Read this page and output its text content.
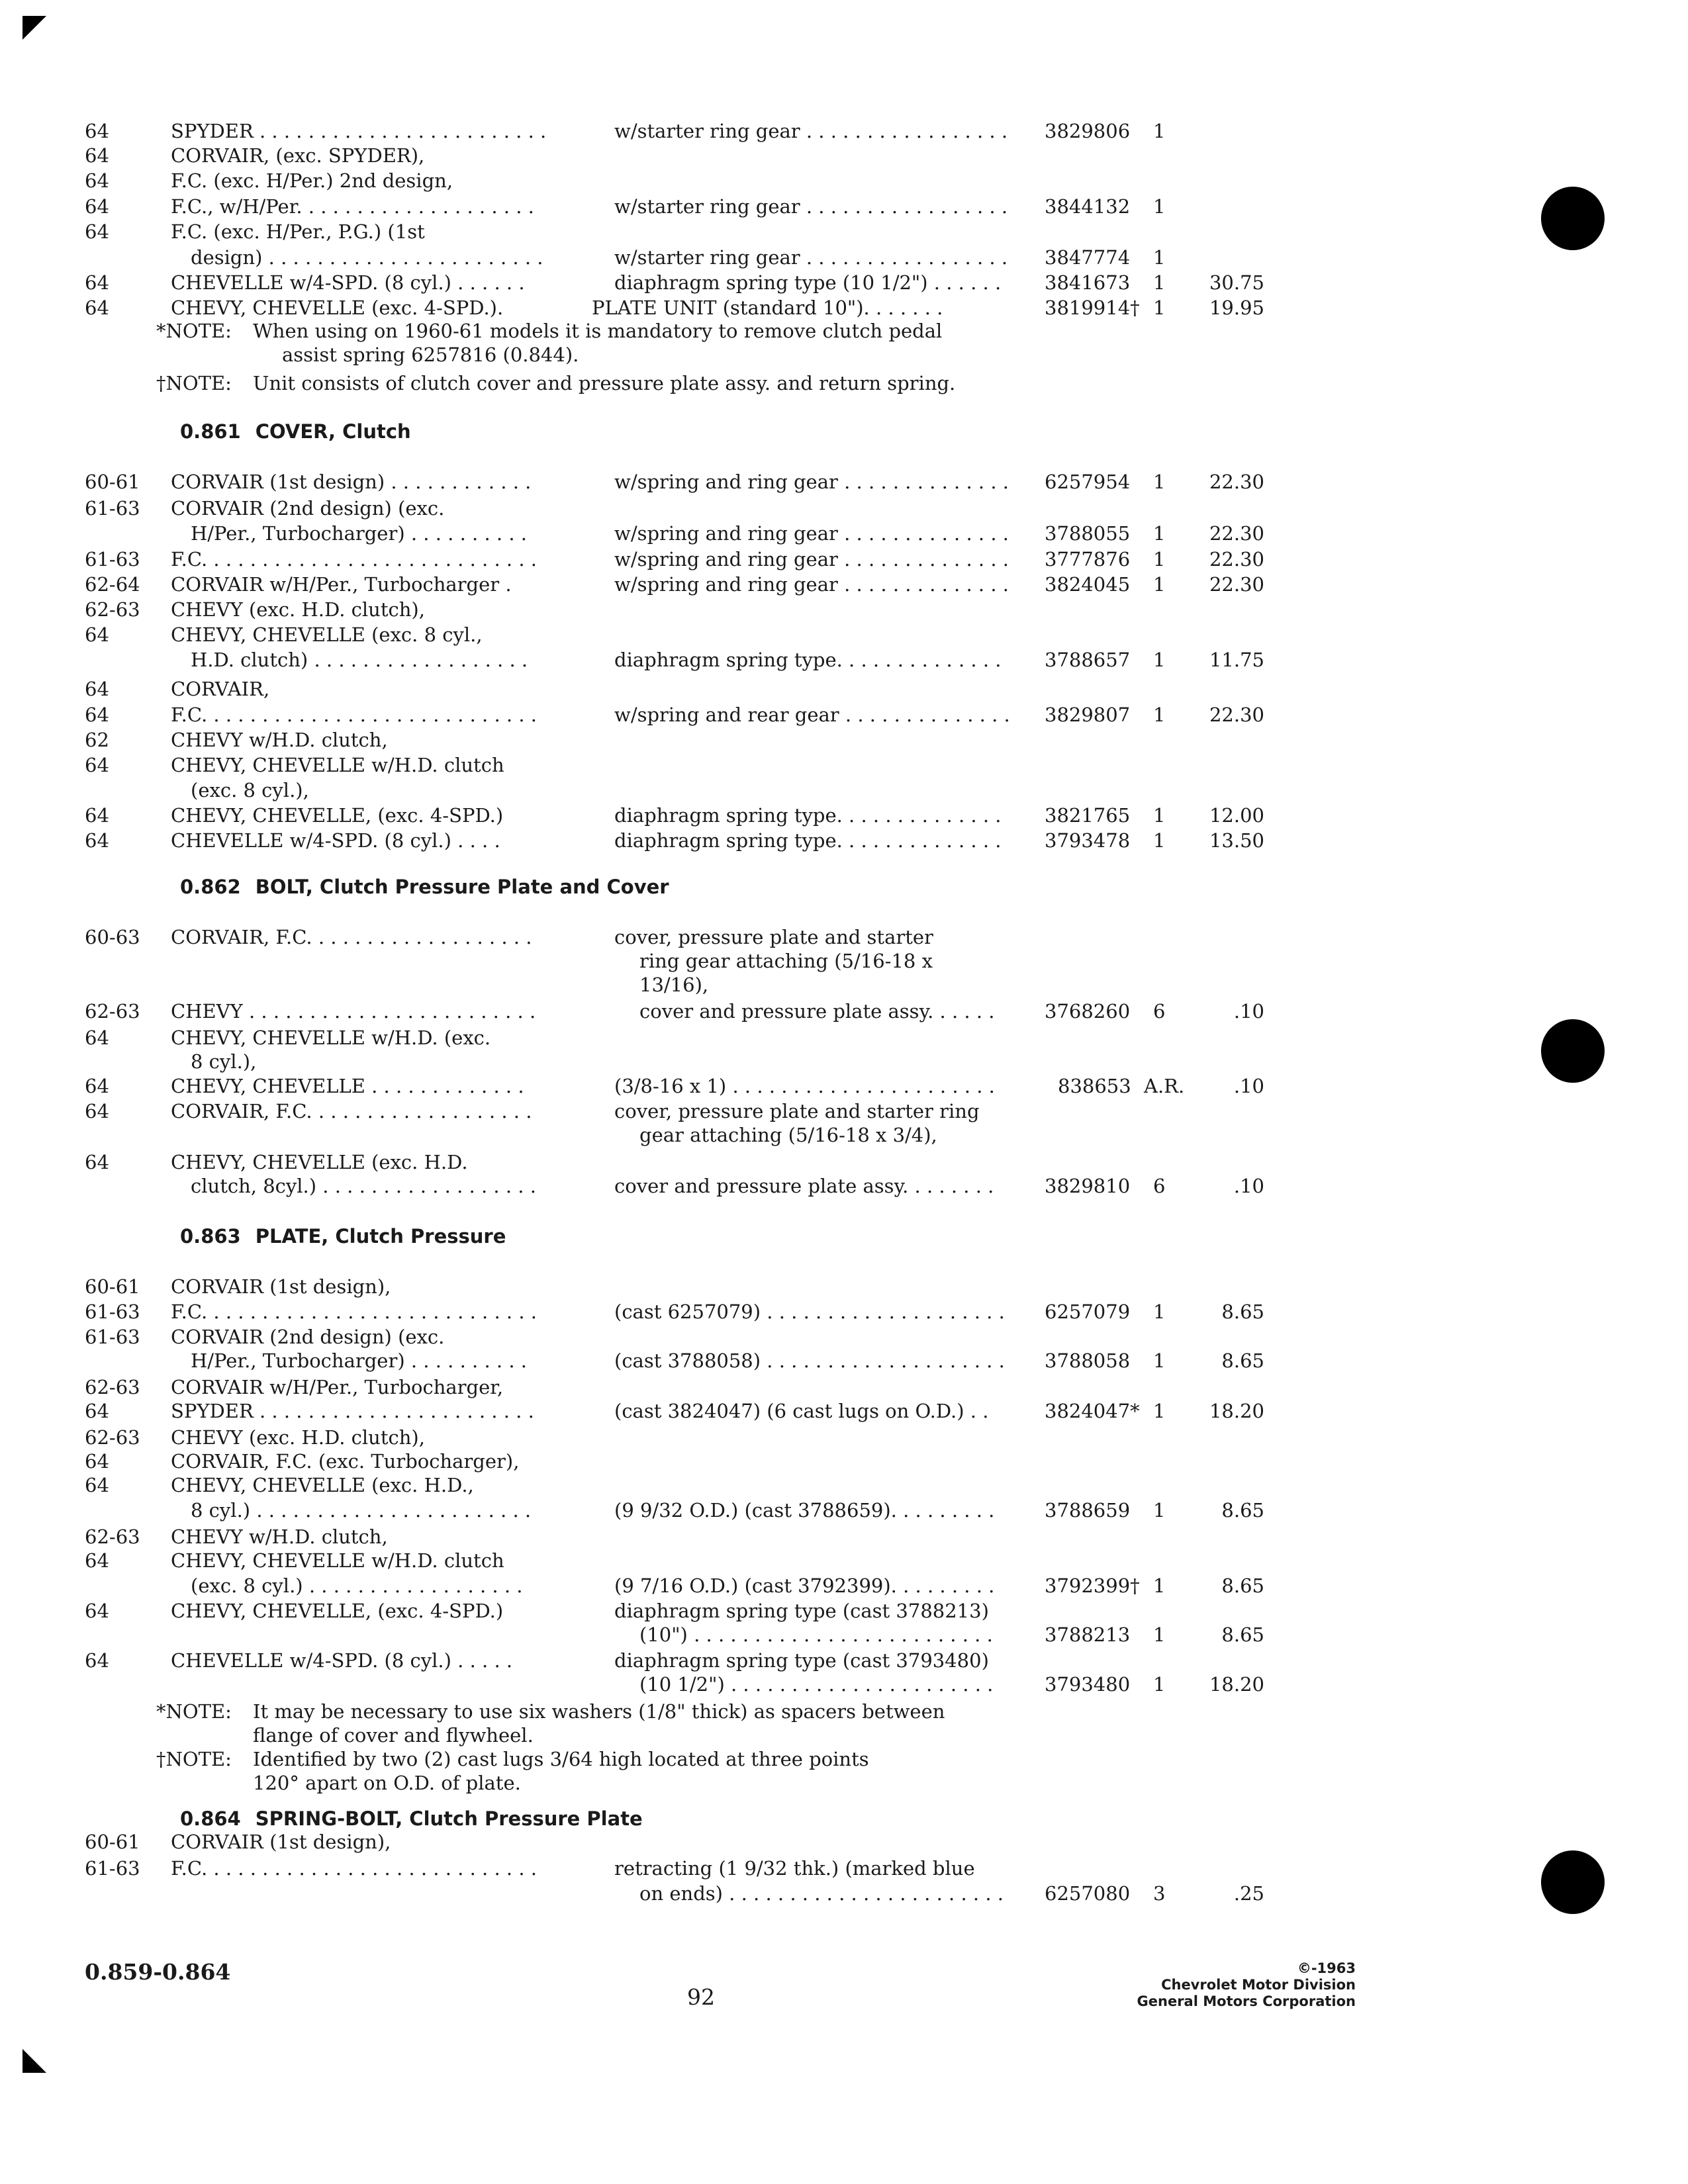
64	SPYDER . . . . . . . . . . . . . . . . . . . . . . . .	w/starter ring gear . . . . . . . . . . . . . . . . . 3829806 1
64	CORVAIR, (exc. SPYDER),
64	F.C. (exc. H/Per.) 2nd design,
64	F.C., w/H/Per. . . . . . . . . . . . . . . . . . . .	w/starter ring gear . . . . . . . . . . . . . . . . . 3844132 1
64	F.C. (exc. H/Per., P.G.) (1st
design) . . . . . . . . . . . . . . . . . . . . . . .	w/starter ring gear . . . . . . . . . . . . . . . . . 3847774 1
64	CHEVELLE w/4-SPD. (8 cyl.) . . . . . .	diaphragm spring type (10 1/2") . . . . . . 3841673 1	30.75
64	CHEVY, CHEVELLE (exc. 4-SPD.).	PLATE UNIT (standard 10"). . . . . . .	3819914† 1	19.95
*NOTE: When using on 1960-61 models it is mandatory to remove clutch pedal
assist spring 6257816 (0.844).
†NOTE: Unit consists of clutch cover and pressure plate assy. and return spring.
0.861 COVER, Clutch
60-61 CORVAIR (1st design) . . . . . . . . . . . .	w/spring and ring gear . . . . . . . . . . . . . . 6257954 1	22.30
61-63 CORVAIR (2nd design) (exc.
H/Per., Turbocharger) . . . . . . . . . .	w/spring and ring gear . . . . . . . . . . . . . . 3788055 1	22.30
61-63 F.C. . . . . . . . . . . . . . . . . . . . . . . . . . . .	w/spring and ring gear . . . . . . . . . . . . . . 3777876 1	22.30
62-64 CORVAIR w/H/Per., Turbocharger .	w/spring and ring gear . . . . . . . . . . . . . . 3824045 1	22.30
62-63 CHEVY (exc. H.D. clutch),
64	CHEVY, CHEVELLE (exc. 8 cyl.,
H.D. clutch) . . . . . . . . . . . . . . . . . .	diaphragm spring type. . . . . . . . . . . . . . 3788657 1	11.75
64	CORVAIR,
64	F.C. . . . . . . . . . . . . . . . . . . . . . . . . . . .	w/spring and rear gear . . . . . . . . . . . . . . 3829807 1	22.30
62	CHEVY w/H.D. clutch,
64	CHEVY, CHEVELLE w/H.D. clutch
(exc. 8 cyl.),
64	CHEVY, CHEVELLE, (exc. 4-SPD.)	diaphragm spring type. . . . . . . . . . . . . . 3821765 1	12.00
64	CHEVELLE w/4-SPD. (8 cyl.) . . . .	diaphragm spring type. . . . . . . . . . . . . . 3793478 1	13.50
0.862 BOLT, Clutch Pressure Plate and Cover
60-63 CORVAIR, F.C. . . . . . . . . . . . . . . . . . .	cover, pressure plate and starter
ring gear attaching (5/16-18 x
13/16),
62-63 CHEVY . . . . . . . . . . . . . . . . . . . . . . . .	cover and pressure plate assy. . . . . .	3768260 6	.10
64	CHEVY, CHEVELLE w/H.D. (exc.
8 cyl.),
64	CHEVY, CHEVELLE . . . . . . . . . . . . .	(3/8-16 x 1) . . . . . . . . . . . . . . . . . . . . . .	838653 A.R.	.10
64	CORVAIR, F.C. . . . . . . . . . . . . . . . . . .	cover, pressure plate and starter ring
gear attaching (5/16-18 x 3/4),
64	CHEVY, CHEVELLE (exc. H.D.
clutch, 8cyl.) . . . . . . . . . . . . . . . . . .	cover and pressure plate assy. . . . . . . .	3829810 6	.10
0.863 PLATE, Clutch Pressure
60-61 CORVAIR (1st design),
61-63 F.C. . . . . . . . . . . . . . . . . . . . . . . . . . . .	(cast 6257079) . . . . . . . . . . . . . . . . . . . . 6257079 1	8.65
61-63 CORVAIR (2nd design) (exc.
H/Per., Turbocharger) . . . . . . . . . .	(cast 3788058) . . . . . . . . . . . . . . . . . . . . 3788058 1	8.65
62-63 CORVAIR w/H/Per., Turbocharger,
64	SPYDER . . . . . . . . . . . . . . . . . . . . . . .	(cast 3824047) (6 cast lugs on O.D.) . .	3824047* 1	18.20
62-63 CHEVY (exc. H.D. clutch),
64	CORVAIR, F.C. (exc. Turbocharger),
64	CHEVY, CHEVELLE (exc. H.D.,
8 cyl.) . . . . . . . . . . . . . . . . . . . . . . .	(9 9/32 O.D.) (cast 3788659). . . . . . . . .	3788659 1	8.65
62-63 CHEVY w/H.D. clutch,
64	CHEVY, CHEVELLE w/H.D. clutch
(exc. 8 cyl.) . . . . . . . . . . . . . . . . . .	(9 7/16 O.D.) (cast 3792399). . . . . . . . .	3792399† 1	8.65
64	CHEVY, CHEVELLE, (exc. 4-SPD.)	diaphragm spring type (cast 3788213)
(10") . . . . . . . . . . . . . . . . . . . . . . . . .	3788213 1	8.65
64	CHEVELLE w/4-SPD. (8 cyl.) . . . . .	diaphragm spring type (cast 3793480)
(10 1/2") . . . . . . . . . . . . . . . . . . . . . .	3793480 1	18.20
*NOTE: It may be necessary to use six washers (1/8" thick) as spacers between
flange of cover and flywheel.
†NOTE: Identified by two (2) cast lugs 3/64 high located at three points
120° apart on O.D. of plate.
0.864 SPRING-BOLT, Clutch Pressure Plate
60-61 CORVAIR (1st design),
61-63 F.C. . . . . . . . . . . . . . . . . . . . . . . . . . . .	retracting (1 9/32 thk.) (marked blue
on ends) . . . . . . . . . . . . . . . . . . . . . . . 6257080 3	.25
0.859-0.864
92
©-1963
Chevrolet Motor Division
General Motors Corporation
